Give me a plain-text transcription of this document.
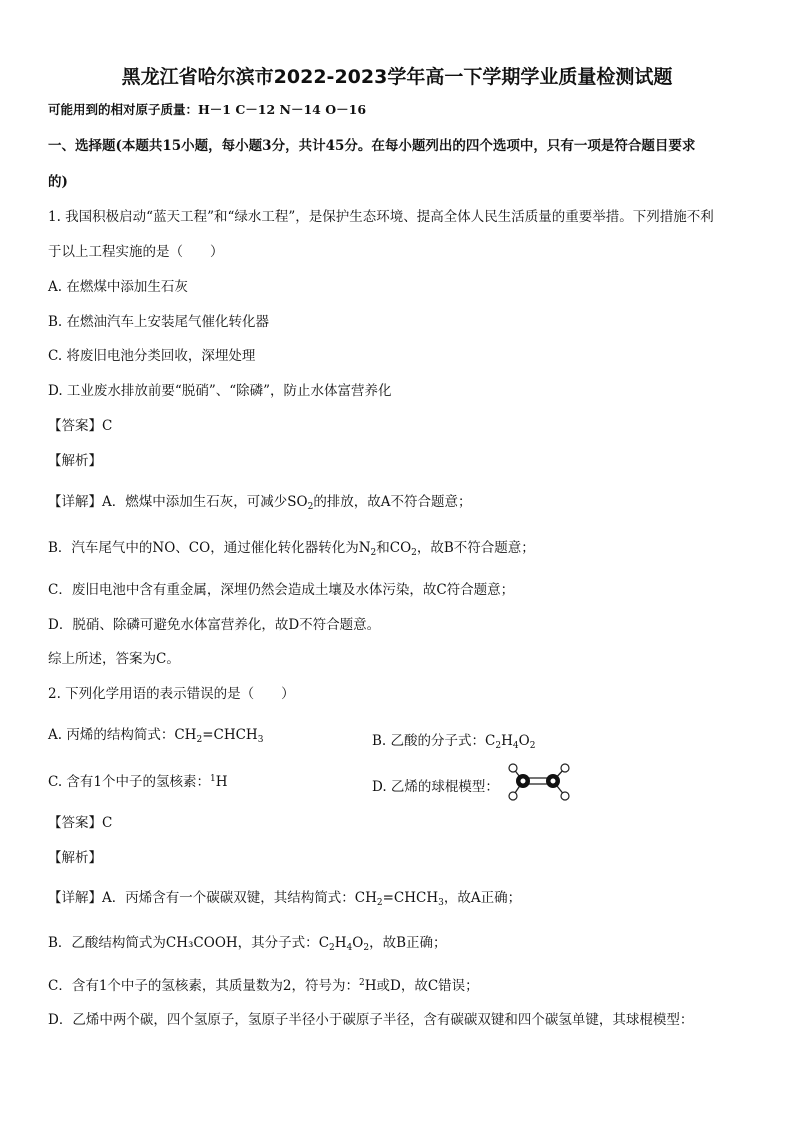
黑龙江省哈尔滨市2022-2023学年高一下学期学业质量检测试题
可能用到的相对原子质量：H－1 C－12 N－14 O－16
一、选择题(本题共15小题，每小题3分，共计45分。在每小题列出的四个选项中，只有一项是符合题目要求
的)
1. 我国积极启动“蓝天工程”和“绿水工程”，是保护生态环境、提高全体人民生活质量的重要举措。下列措施不利
于以上工程实施的是（　　）
A. 在燃煤中添加生石灰
B. 在燃油汽车上安装尾气催化转化器
C. 将废旧电池分类回收，深埋处理
D. 工业废水排放前要“脱硝”、“除磷”，防止水体富营养化
【答案】C
【解析】
【详解】A．燃煤中添加生石灰，可减少$SO_2$的排放，故A不符合题意；
B．汽车尾气中的NO、CO，通过催化转化器转化为$N_2$和$CO_2$，故B不符合题意；
C．废旧电池中含有重金属，深埋仍然会造成土壤及水体污染，故C符合题意；
D．脱硝、除磷可避免水体富营养化，故D不符合题意。
综上所述，答案为C。
2. 下列化学用语的表示错误的是（　　）
A. 丙烯的结构简式：$CH_2=CHCH_3$	B. 乙酸的分子式：$C_2H_4O_2$
C. 含有1个中子的氢核素：$^1$H	D. 乙烯的球棍模型：
【答案】C
【解析】
【详解】A．丙烯含有一个碳碳双键，其结构简式：$CH_2=CHCH_3$，故A正确；
B．乙酸结构简式为CH₃COOH，其分子式：$C_2H_4O_2$，故B正确；
C．含有1个中子的氢核素，其质量数为2，符号为：$^2$H或D，故C错误；
D．乙烯中两个碳，四个氢原子，氢原子半径小于碳原子半径，含有碳碳双键和四个碳氢单键，其球棍模型：
